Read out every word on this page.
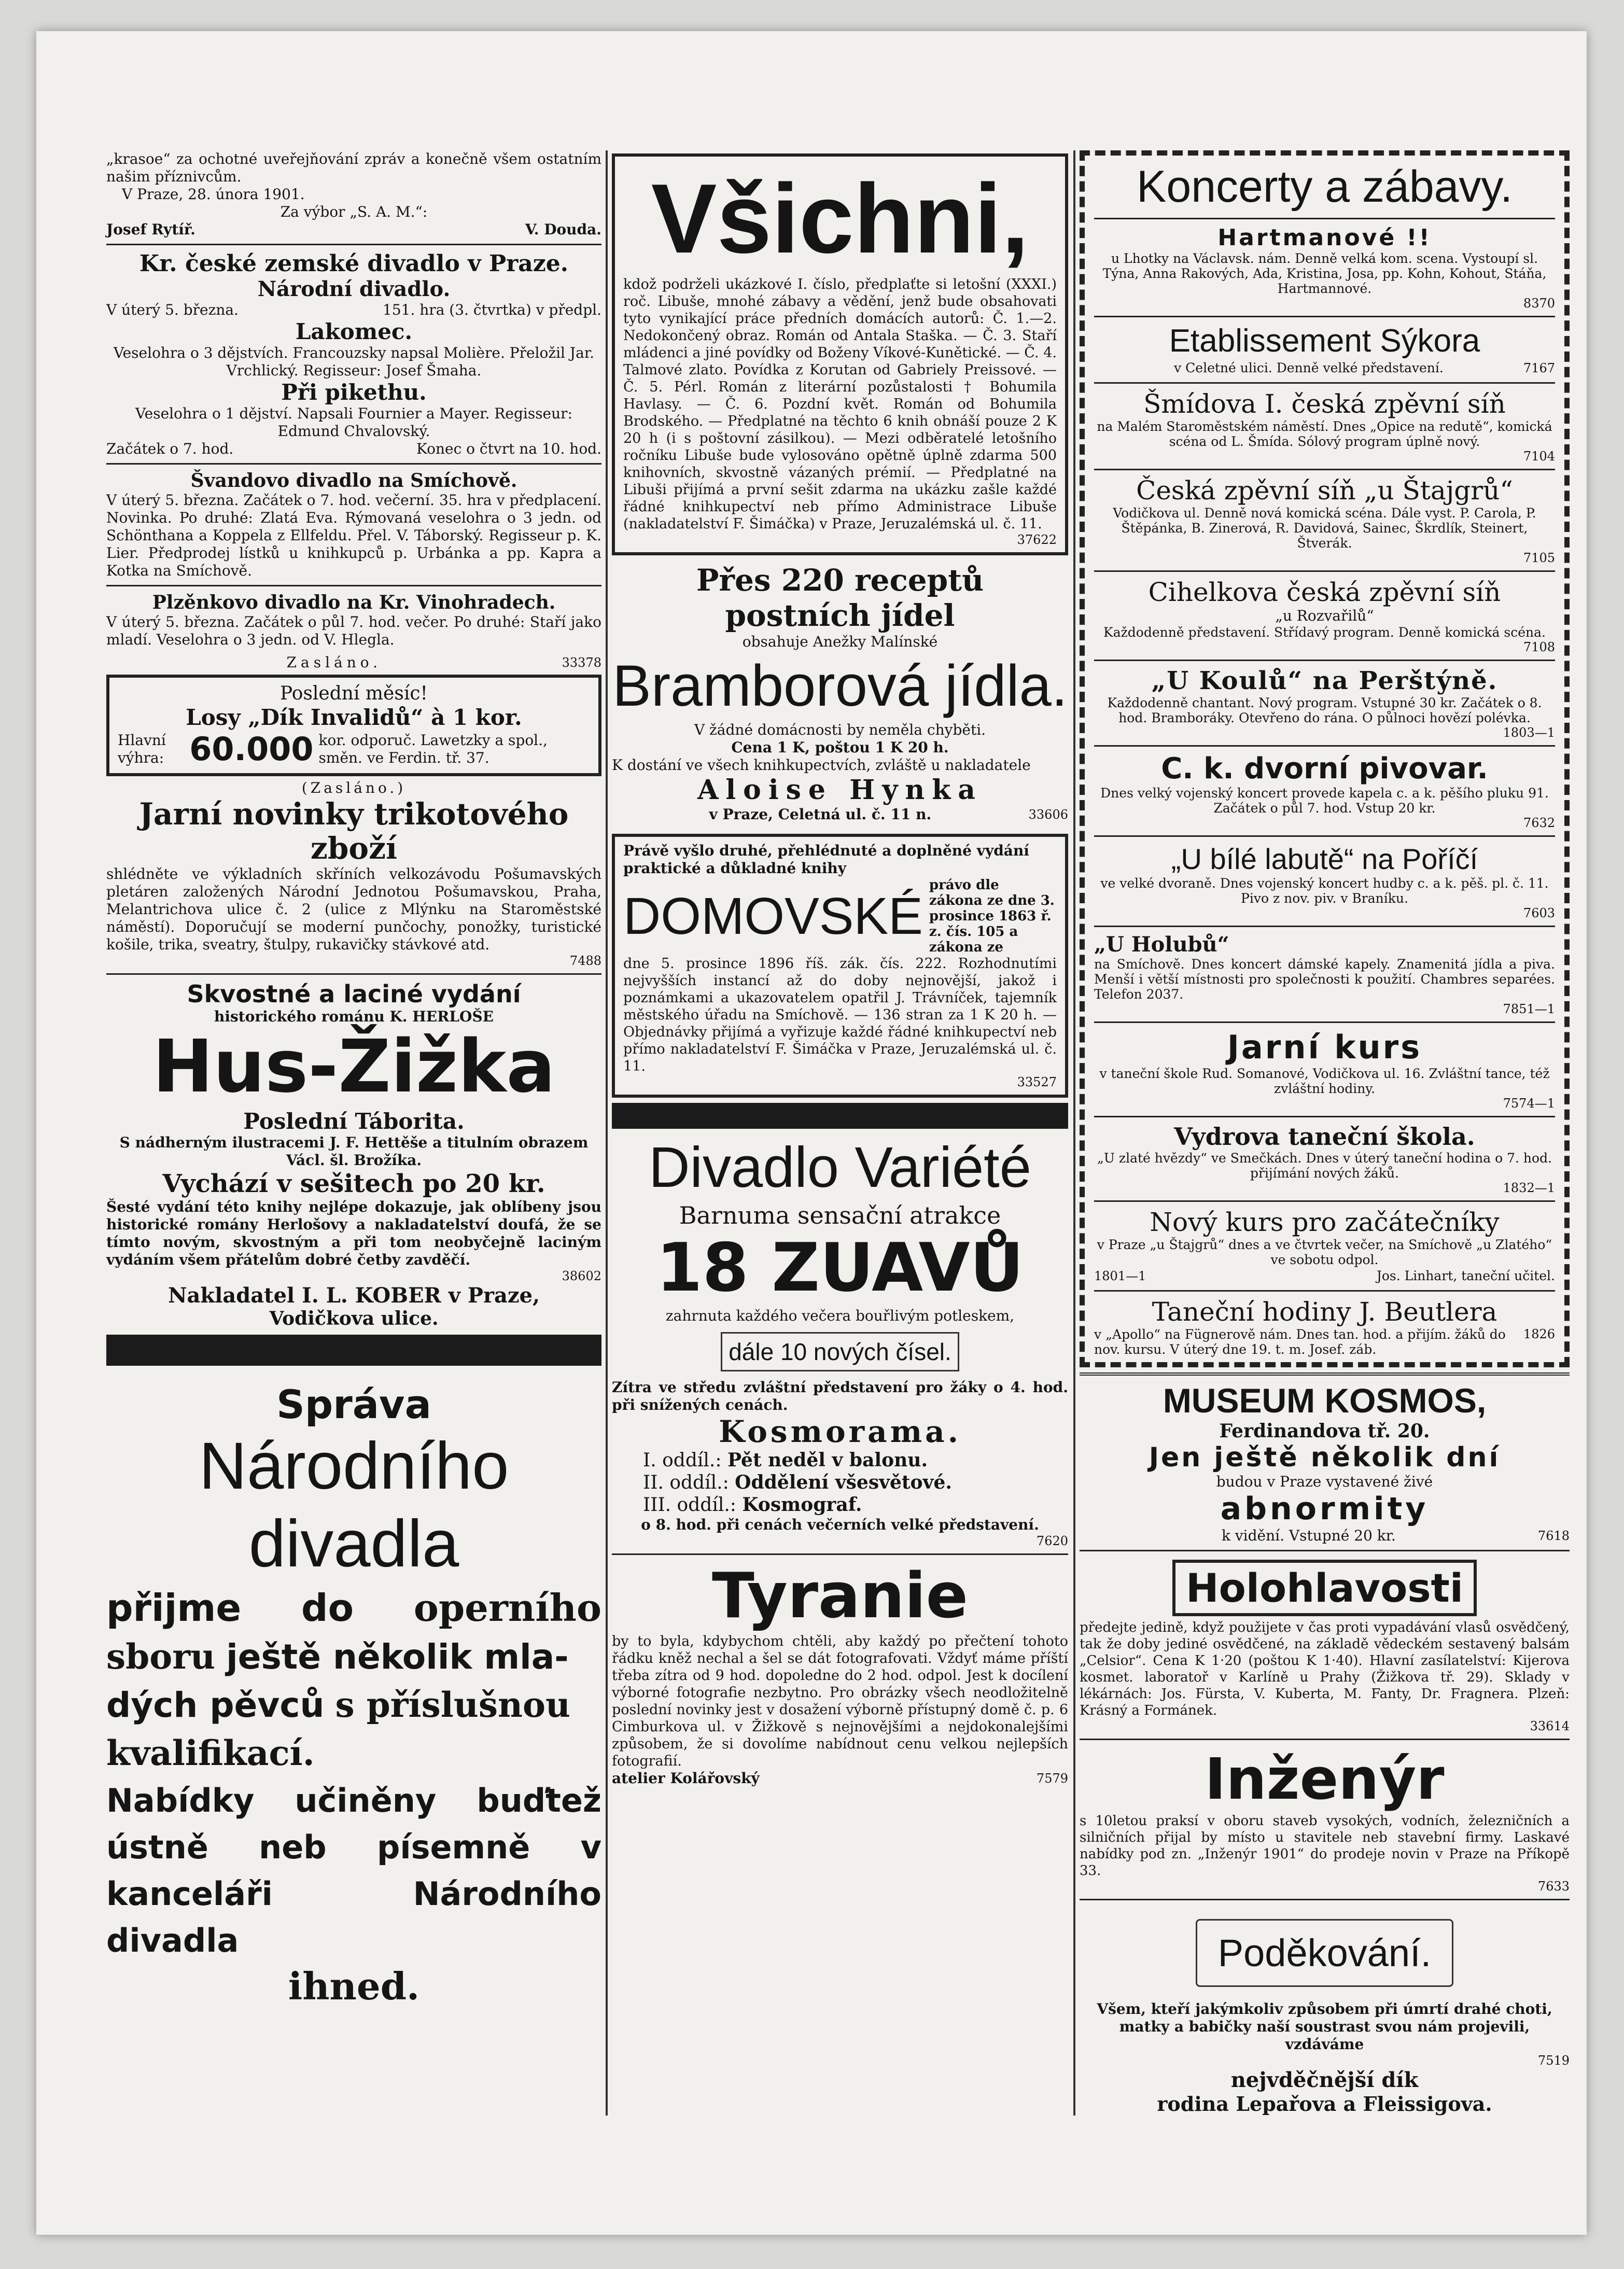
„krasoe“ za ochotné uveřejňování zpráv a konečně všem ostatním našim příznivcům.
V Praze, 28. února 1901.
Za výbor „S. A. M.“:
Josef Rytíř.	V. Douda.
Kr. české zemské divadlo v Praze.
Národní divadlo.
V úterý 5. března.	151. hra (3. čtvrtka) v předpl.
Lakomec.
Veselohra o 3 dějstvích. Francouzsky napsal Molière. Přeložil Jar. Vrchlický. Regisseur: Josef Šmaha.
Při pikethu.
Veselohra o 1 dějství. Napsali Fournier a Mayer. Regisseur: Edmund Chvalovský.
Začátek o 7. hod.	Konec o čtvrt na 10. hod.
Švandovo divadlo na Smíchově.
V úterý 5. března. Začátek o 7. hod. večerní. 35. hra v předplacení. Novinka. Po druhé: Zlatá Eva. Rýmovaná veselohra o 3 jedn. od Schönthana a Koppela z Ellfeldu. Přel. V. Táborský. Regisseur p. K. Lier. Předprodej lístků u knihkupců p. Urbánka a pp. Kapra a Kotka na Smíchově.
Plzěnkovo divadlo na Kr. Vinohradech.
V úterý 5. března. Začátek o půl 7. hod. večer. Po druhé: Staří jako mladí. Veselohra o 3 jedn. od V. Hlegla.
Zasláno.	33378
Poslední měsíc!
Losy „Dík Invalidů“ à 1 kor.
Hlavní výhra: 60.000 kor. odporuč. Lawetzky a spol., směn. ve Ferdin. tř. 37.
(Zasláno.)
Jarní novinky trikotového zboží
shlédněte ve výkladních skříních velkozávodu Pošumavských pletáren založených Národní Jednotou Pošumavskou, Praha, Melantrichova ulice č. 2 (ulice z Mlýnku na Staroměstské náměstí). Doporučují se moderní punčochy, ponožky, turistické košile, trika, sveatry, štulpy, rukavičky stávkové atd.
7488
Skvostné a laciné vydání
historického románu K. HERLOŠE
Hus-Žižka
Poslední Táborita.
S nádherným ilustracemi J. F. Hettěše a titulním obrazem Václ. šl. Brožíka.
Vychází v sešitech po 20 kr.
Šesté vydání této knihy nejlépe dokazuje, jak oblíbeny jsou historické romány Herlošovy a nakladatelství doufá, že se tímto novým, skvostným a při tom neobyčejně laciným vydáním všem přátelům dobré četby zavděčí.
38602
Nakladatel I. L. KOBER v Praze,
Vodičkova ulice.
Správa
Národního divadla
přijme do operního
sboru ještě několik mla-
dých pěvců s příslušnou kvalifikací.
Nabídky učiněny buďtež ústně neb písemně v kanceláři Národního divadla
ihned.
Všichni,
kdož podrželi ukázkové I. číslo, předplaťte si letošní (XXXI.) roč. Libuše, mnohé zábavy a vědění, jenž bude obsahovati tyto vynikající práce předních domácích autorů: Č. 1.—2. Nedokončený obraz. Román od Antala Staška. — Č. 3. Staří mládenci a jiné povídky od Boženy Víkové-Kunětické. — Č. 4. Talmové zlato. Povídka z Korutan od Gabriely Preissové. — Č. 5. Pérl. Román z literární pozůstalosti † Bohumila Havlasy. — Č. 6. Pozdní květ. Román od Bohumila Brodského. — Předplatné na těchto 6 knih obnáší pouze 2 K 20 h (i s poštovní zásilkou). — Mezi odběratelé letošního ročníku Libuše bude vylosováno opětně úplně zdarma 500 knihovních, skvostně vázaných prémií. — Předplatné na Libuši přijímá a první sešit zdarma na ukázku zašle každé řádné knihkupectví neb přímo Administrace Libuše (nakladatelství F. Šimáčka) v Praze, Jeruzalémská ul. č. 11.
37622
Přes 220 receptů
postních jídel
obsahuje Anežky Malínské
Bramborová jídla.
V žádné domácnosti by neměla chyběti.
Cena 1 K, poštou 1 K 20 h.
K dostání ve všech knihkupectvích, zvláště u nakladatele
Aloise Hynka
v Praze, Celetná ul. č. 11 n.	33606
Právě vyšlo druhé, přehlédnuté a doplněné vydání praktické a důkladné knihy
DOMOVSKÉ
právo dle zákona ze dne 3. prosince 1863 ř. z. čís. 105 a zákona ze
dne 5. prosince 1896 říš. zák. čís. 222. Rozhodnutími nejvyšších instancí až do doby nejnovější, jakož i poznámkami a ukazovatelem opatřil J. Trávníček, tajemník městského úřadu na Smíchově. — 136 stran za 1 K 20 h. — Objednávky přijímá a vyřizuje každé řádné knihkupectví neb přímo nakladatelství F. Šimáčka v Praze, Jeruzalémská ul. č. 11.
33527
Divadlo Variété
Barnuma sensační atrakce
18 ZUAVŮ
zahrnuta každého večera bouřlivým potleskem,
dále 10 nových čísel.
Zítra ve středu zvláštní představení pro žáky o 4. hod. při snížených cenách.
Kosmorama.
I. oddíl.: Pět neděl v balonu.
II. oddíl.: Oddělení všesvětové.
III. oddíl.: Kosmograf.
o 8. hod. při cenách večerních velké představení.
7620
Tyranie
by to byla, kdybychom chtěli, aby každý po přečtení tohoto řádku kněž nechal a šel se dát fotografovati. Vždyť máme příští třeba zítra od 9 hod. dopoledne do 2 hod. odpol. Jest k docílení výborné fotografie nezbytno. Pro obrázky všech neodložitelně poslední novinky jest v dosažení výborně přístupný domě č. p. 6 Cimburkova ul. v Žižkově s nejnovějšími a nejdokonalejšími způsobem, že si dovolíme nabídnout cenu velkou nejlepších fotografií.
atelier Kolářovský	7579
Koncerty a zábavy.
Hartmanové !!
u Lhotky na Václavsk. nám. Denně velká kom. scena. Vystoupí sl. Týna, Anna Rakových, Ada, Kristina, Josa, pp. Kohn, Kohout, Stáňa, Hartmannové.
8370
Etablissement Sýkora
v Celetné ulici. Denně velké představení.	7167
Šmídova I. česká zpěvní síň
na Malém Staroměstském náměstí. Dnes „Opice na redutě“, komická scéna od L. Šmída. Sólový program úplně nový.
7104
Česká zpěvní síň „u Štajgrů“
Vodičkova ul. Denně nová komická scéna. Dále vyst. P. Carola, P. Štěpánka, B. Zinerová, R. Davidová, Sainec, Škrdlík, Steinert, Štverák.
7105
Cihelkova česká zpěvní síň
„u Rozvařilů“
Každodenně představení. Střídavý program. Denně komická scéna.
7108
„U Koulů“ na Perštýně.
Každodenně chantant. Nový program. Vstupné 30 kr. Začátek o 8. hod. Bramboráky. Otevřeno do rána. O půlnoci hovězí polévka.
1803—1
C. k. dvorní pivovar.
Dnes velký vojenský koncert provede kapela c. a k. pěšího pluku 91. Začátek o půl 7. hod. Vstup 20 kr.
7632
„U bílé labutě“ na Poříčí
ve velké dvoraně. Dnes vojenský koncert hudby c. a k. pěš. pl. č. 11. Pivo z nov. piv. v Braníku.
7603
„U Holubů“
na Smíchově. Dnes koncert dámské kapely. Znamenitá jídla a piva. Menší i větší místnosti pro společnosti k použití. Chambres separées. Telefon 2037.
7851—1
Jarní kurs
v taneční škole Rud. Somanové, Vodičkova ul. 16. Zvláštní tance, též zvláštní hodiny.
7574—1
Vydrova taneční škola.
„U zlaté hvězdy“ ve Smečkách. Dnes v úterý taneční hodina o 7. hod. přijímání nových žáků.
1832—1
Nový kurs pro začátečníky
v Praze „u Štajgrů“ dnes a ve čtvrtek večer, na Smíchově „u Zlatého“ ve sobotu odpol.
1801—1	Jos. Linhart, taneční učitel.
Taneční hodiny J. Beutlera
v „Apollo“ na Fügnerově nám. Dnes tan. hod. a přijím. žáků do nov. kursu. V úterý dne 19. t. m. Josef. záb.
1826
MUSEUM KOSMOS,
Ferdinandova tř. 20.
Jen ještě několik dní
budou v Praze vystavené živé
abnormity
k vidění. Vstupné 20 kr.	7618
Holohlavosti
předejte jedině, když použijete v čas proti vypadávání vlasů osvědčený, tak že doby jediné osvědčené, na základě vědeckém sestavený balsám „Celsior“. Cena K 1·20 (poštou K 1·40). Hlavní zasílatelství: Kijerova kosmet. laboratoř v Karlíně u Prahy (Žižkova tř. 29). Sklady v lékárnách: Jos. Fürsta, V. Kuberta, M. Fanty, Dr. Fragnera. Plzeň: Krásný a Formánek.
33614
Inženýr
s 10letou praksí v oboru staveb vysokých, vodních, železničních a silničních přijal by místo u stavitele neb stavební firmy. Laskavé nabídky pod zn. „Inženýr 1901“ do prodeje novin v Praze na Příkopě 33.
7633
Poděkování.
Všem, kteří jakýmkoliv způsobem při úmrtí drahé choti, matky a babičky naší soustrast svou nám projevili, vzdáváme
7519
nejvděčnější dík
rodina Lepařova a Fleissigova.
